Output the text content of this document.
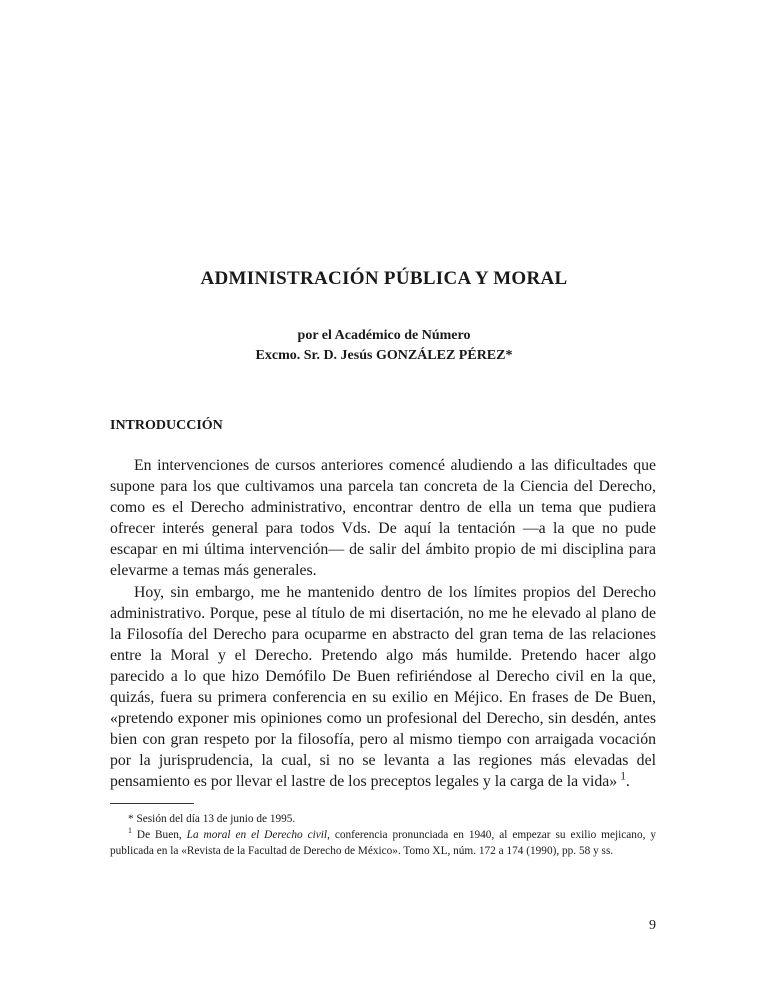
ADMINISTRACIÓN PÚBLICA Y MORAL

por el Académico de Número

Excmo. Sr. D. Jesús GONZÁLEZ PÉREZ*

INTRODUCCIÓN

En intervenciones de cursos anteriores comencé aludiendo a las dificultades que supone para los que cultivamos una parcela tan concreta de la Ciencia del Derecho, como es el Derecho administrativo, encontrar dentro de ella un tema que pudiera ofrecer interés general para todos Vds. De aquí la tentación —a la que no pude escapar en mi última intervención— de salir del ámbito propio de mi disciplina para elevarme a temas más generales.

Hoy, sin embargo, me he mantenido dentro de los límites propios del Derecho administrativo. Porque, pese al título de mi disertación, no me he elevado al plano de la Filosofía del Derecho para ocuparme en abstracto del gran tema de las relaciones entre la Moral y el Derecho. Pretendo algo más humilde. Pretendo hacer algo parecido a lo que hizo Demófilo De Buen refiriéndose al Derecho civil en la que, quizás, fuera su primera conferencia en su exilio en Méjico. En frases de De Buen, «pretendo exponer mis opiniones como un profesional del Derecho, sin desdén, antes bien con gran respeto por la filosofía, pero al mismo tiempo con arraigada vocación por la jurisprudencia, la cual, si no se levanta a las regiones más elevadas del pensamiento es por llevar el lastre de los preceptos legales y la carga de la vida»  $^1$.

* Sesión del día 13 de junio de 1995.

$^1$ De Buen, La moral en el Derecho civil, conferencia pronunciada en 1940, al empezar su exilio mejicano, y publicada en la «Revista de la Facultad de Derecho de México». Tomo XL, núm. 172 a 174 (1990), pp. 58 y ss.

9
